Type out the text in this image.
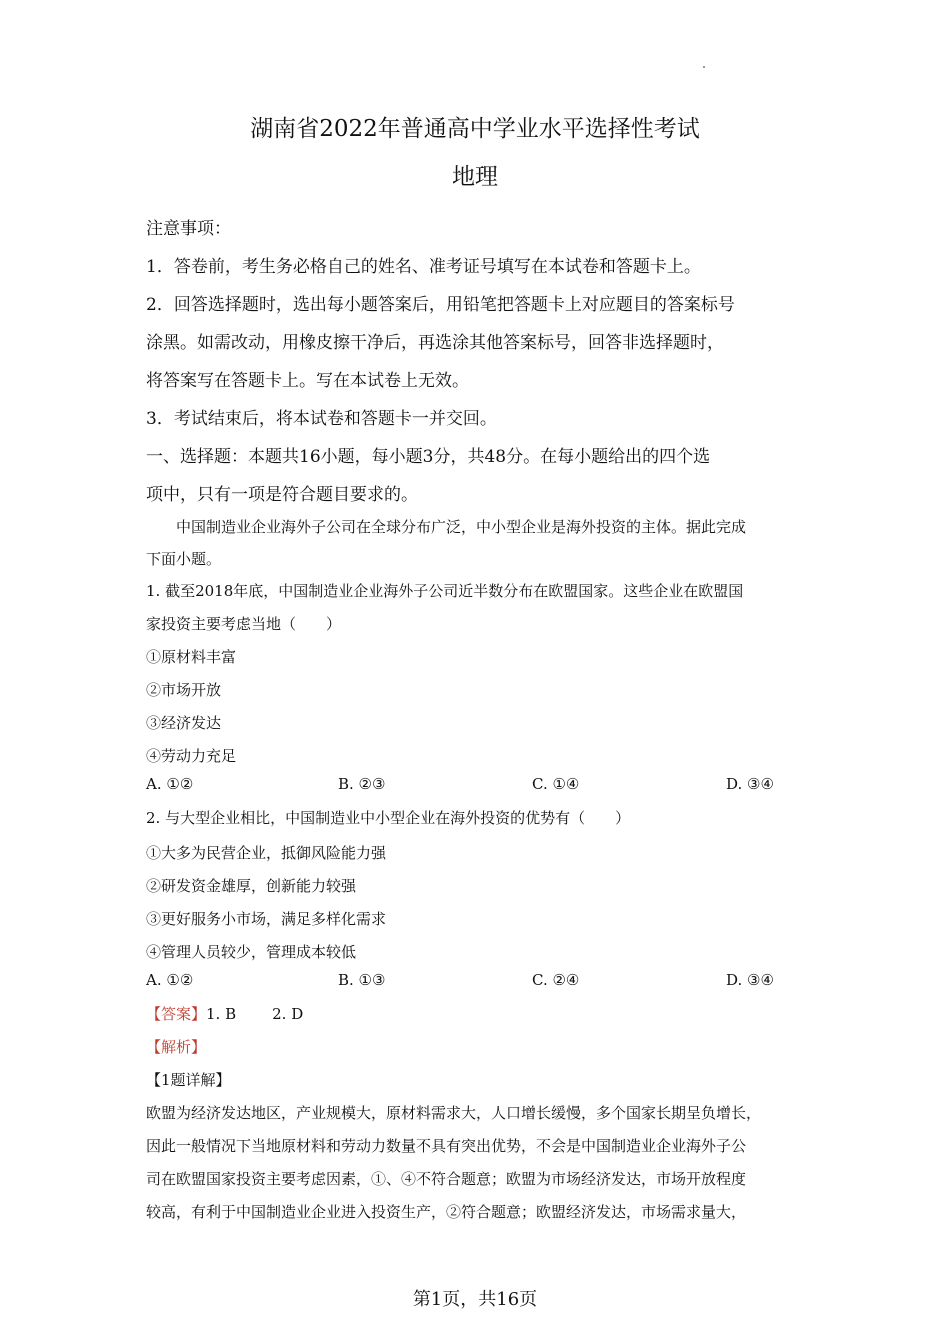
湖南省2022年普通高中学业水平选择性考试
地理
注意事项：
1．答卷前，考生务必格自己的姓名、准考证号填写在本试卷和答题卡上。
2．回答选择题时，选出每小题答案后，用铅笔把答题卡上对应题目的答案标号
涂黑。如需改动，用橡皮擦干净后，再选涂其他答案标号，回答非选择题时，
将答案写在答题卡上。写在本试卷上无效。
3．考试结束后，将本试卷和答题卡一并交回。
一、选择题：本题共16小题，每小题3分，共48分。在每小题给出的四个选
项中，只有一项是符合题目要求的。
中国制造业企业海外子公司在全球分布广泛，中小型企业是海外投资的主体。据此完成
下面小题。
1. 截至2018年底，中国制造业企业海外子公司近半数分布在欧盟国家。这些企业在欧盟国
家投资主要考虑当地（　　）
①原材料丰富
②市场开放
③经济发达
④劳动力充足
A. ①②	B. ②③	C. ①④	D. ③④
2. 与大型企业相比，中国制造业中小型企业在海外投资的优势有（　　）
①大多为民营企业，抵御风险能力强
②研发资金雄厚，创新能力较强
③更好服务小市场，满足多样化需求
④管理人员较少，管理成本较低
A. ①②	B. ①③	C. ②④	D. ③④
【答案】1. B 2. D
【解析】
【1题详解】
欧盟为经济发达地区，产业规模大，原材料需求大，人口增长缓慢，多个国家长期呈负增长，
因此一般情况下当地原材料和劳动力数量不具有突出优势，不会是中国制造业企业海外子公
司在欧盟国家投资主要考虑因素，①、④不符合题意；欧盟为市场经济发达，市场开放程度
较高，有利于中国制造业企业进入投资生产，②符合题意；欧盟经济发达，市场需求量大，
第1页，共16页
